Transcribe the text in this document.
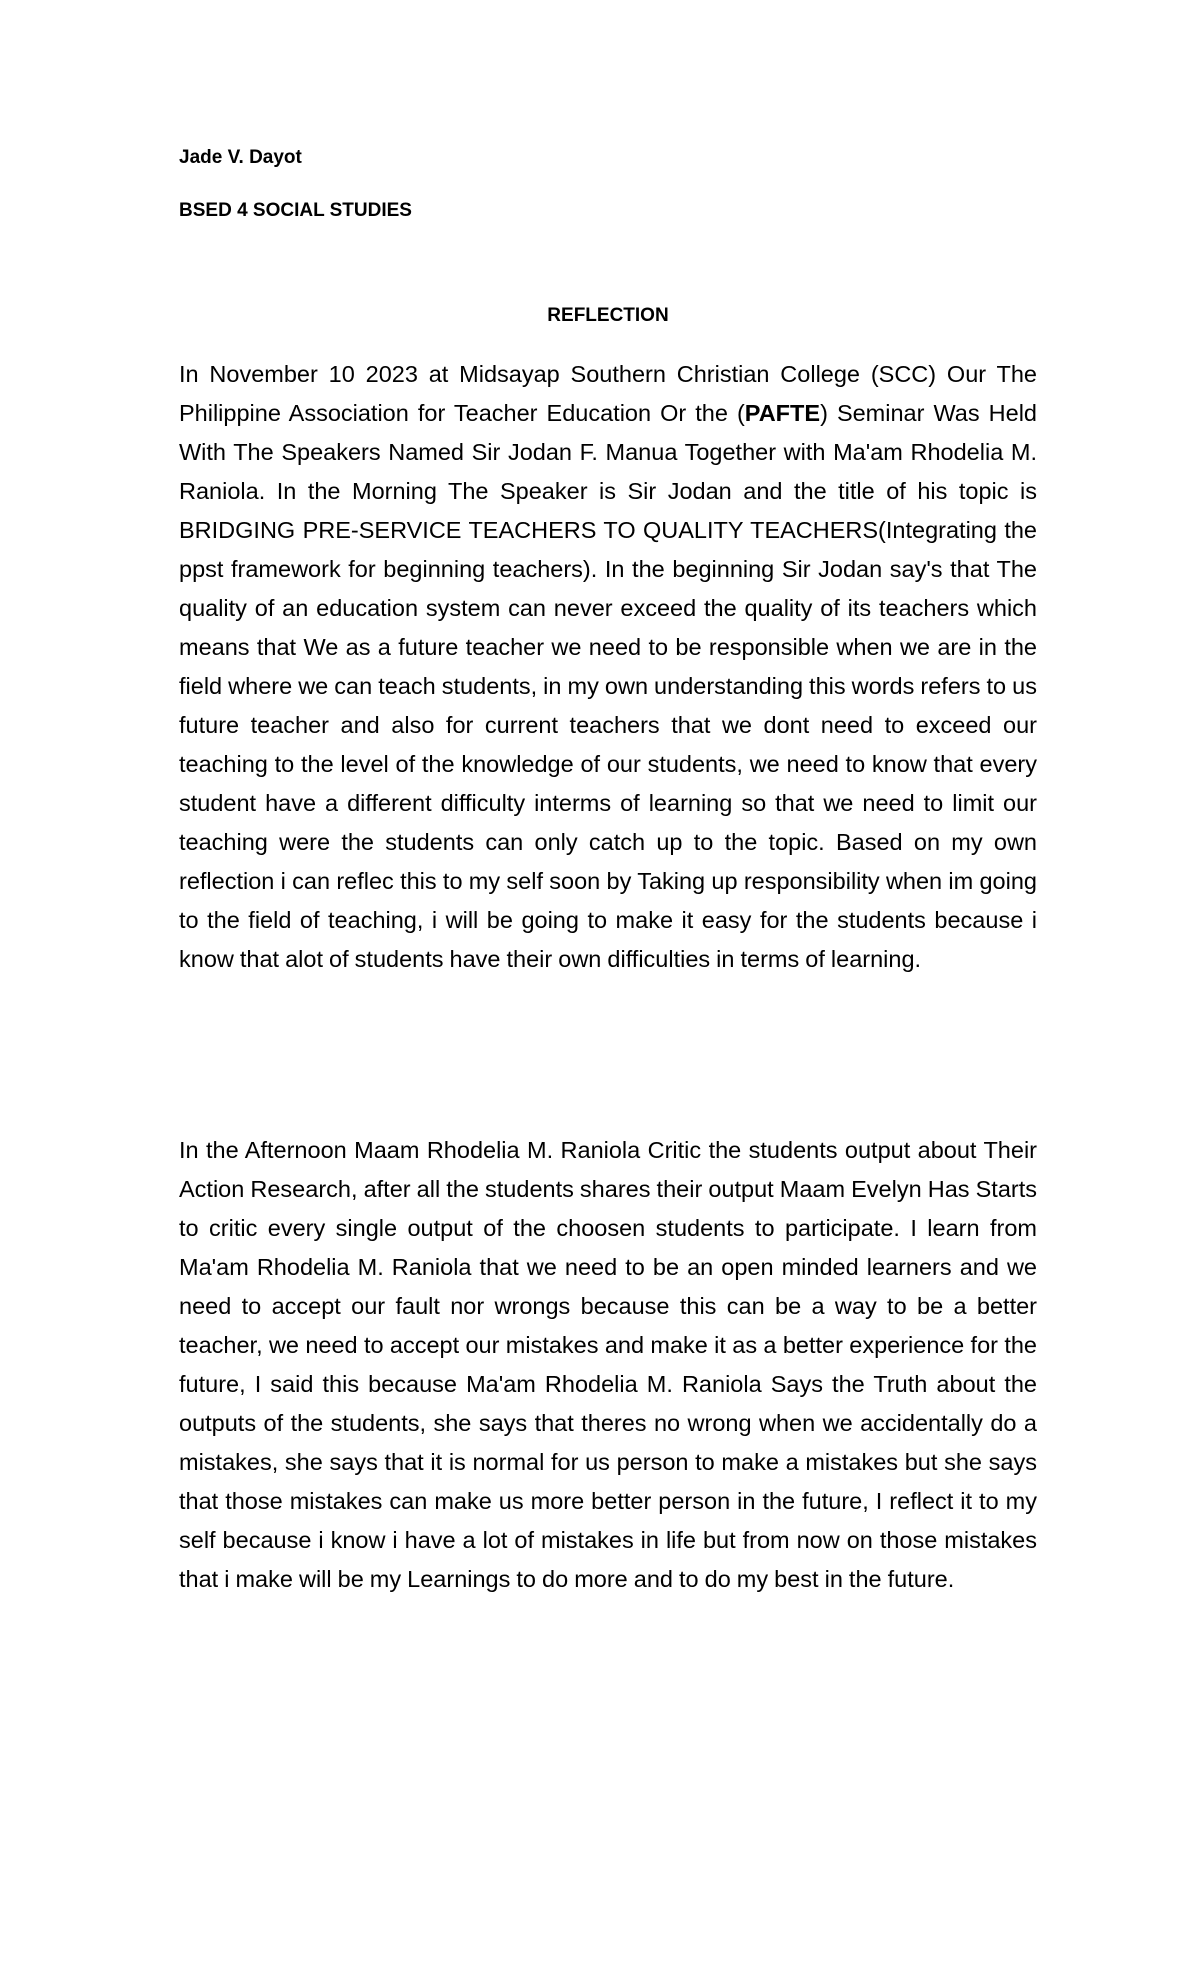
Jade V. Dayot
BSED 4 SOCIAL STUDIES
REFLECTION

In November 10 2023 at Midsayap Southern Christian College (SCC) Our The Philippine Association for Teacher Education Or the (PAFTE) Seminar Was Held With The Speakers Named Sir Jodan F. Manua Together with Ma'am Rhodelia M. Raniola. In the Morning The Speaker is Sir Jodan and the title of his topic is BRIDGING PRE-SERVICE TEACHERS TO QUALITY TEACHERS(Integrating the ppst framework for beginning teachers). In the beginning Sir Jodan say's that The quality of an education system can never exceed the quality of its teachers which means that We as a future teacher we need to be responsible when we are in the field where we can teach students, in my own understanding this words refers to us future teacher and also for current teachers that we dont need to exceed our teaching to the level of the knowledge of our students, we need to know that every student have a different difficulty interms of learning so that we need to limit our teaching were the students can only catch up to the topic. Based on my own reflection i can reflec this to my self soon by Taking up responsibility when im going to the field of teaching, i will be going to make it easy for the students because i know that alot of students have their own difficulties in terms of learning.

In the Afternoon Maam Rhodelia M. Raniola Critic the students output about Their Action Research, after all the students shares their output Maam Evelyn Has Starts to critic every single output of the choosen students to participate. I learn from Ma'am Rhodelia M. Raniola that we need to be an open minded learners and we need to accept our fault nor wrongs because this can be a way to be a better teacher, we need to accept our mistakes and make it as a better experience for the future, I said this because Ma'am Rhodelia M. Raniola Says the Truth about the outputs of the students, she says that theres no wrong when we accidentally do a mistakes, she says that it is normal for us person to make a mistakes but she says that those mistakes can make us more better person in the future, I reflect it to my self because i know i have a lot of mistakes in life but from now on those mistakes that i make will be my Learnings to do more and to do my best in the future.
